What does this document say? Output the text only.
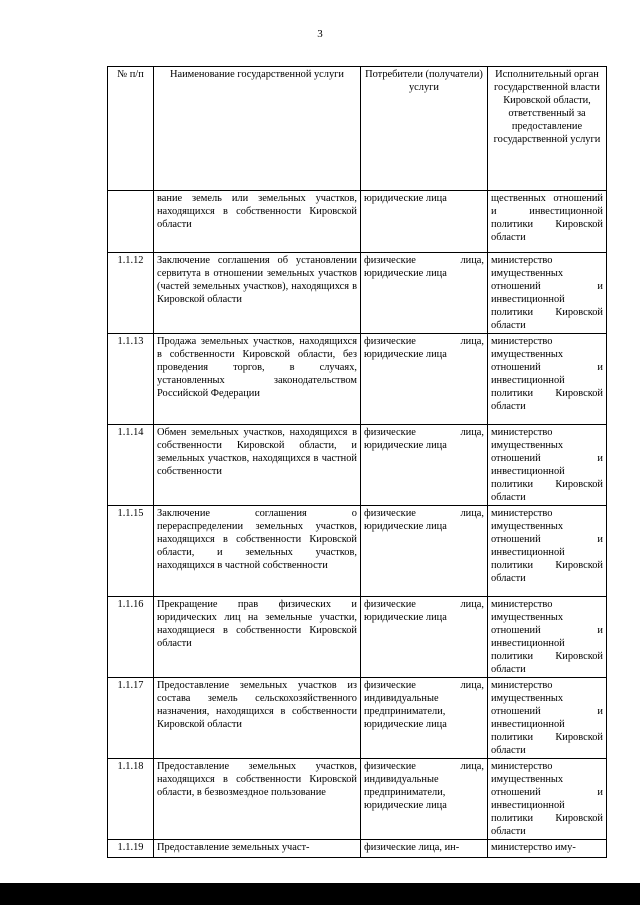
3
№ п/п	Наименование государственной услуги	Потребители (получатели) услуги	Исполнительный орган государственной власти Кировской области, ответственный за предоставление государственной услуги
	вание земель или земельных участков, находящихся в собственности Кировской области	юридические лица	щественных отношений и инвестиционной политики Кировской области
1.1.12	Заключение соглашения об установлении сервитута в отношении земельных участков (частей земельных участков), находящихся в Кировской области	физические лица, юридические лица	министерство имущественных отношений и инвестиционной политики Кировской области
1.1.13	Продажа земельных участков, находящихся в собственности Кировской области, без проведения торгов, в случаях, установленных законодательством Российской Федерации	физические лица, юридические лица	министерство имущественных отношений и инвестиционной политики Кировской области
1.1.14	Обмен земельных участков, находящихся в собственности Кировской области, и земельных участков, находящихся в частной собственности	физические лица, юридические лица	министерство имущественных отношений и инвестиционной политики Кировской области
1.1.15	Заключение соглашения о перераспределении земельных участков, находящихся в собственности Кировской области, и земельных участков, находящихся в частной собственности	физические лица, юридические лица	министерство имущественных отношений и инвестиционной политики Кировской области
1.1.16	Прекращение прав физических и юридических лиц на земельные участки, находящиеся в собственности Кировской области	физические лица, юридические лица	министерство имущественных отношений и инвестиционной политики Кировской области
1.1.17	Предоставление земельных участков из состава земель сельскохозяйственного назначения, находящихся в собственности Кировской области	физические лица, индивидуальные предприниматели, юридические лица	министерство имущественных отношений и инвестиционной политики Кировской области
1.1.18	Предоставление земельных участков, находящихся в собственности Кировской области, в безвозмездное пользование	физические лица, индивидуальные предприниматели, юридические лица	министерство имущественных отношений и инвестиционной политики Кировской области
1.1.19	Предоставление земельных участ-	физические лица, ин-	министерство иму-
